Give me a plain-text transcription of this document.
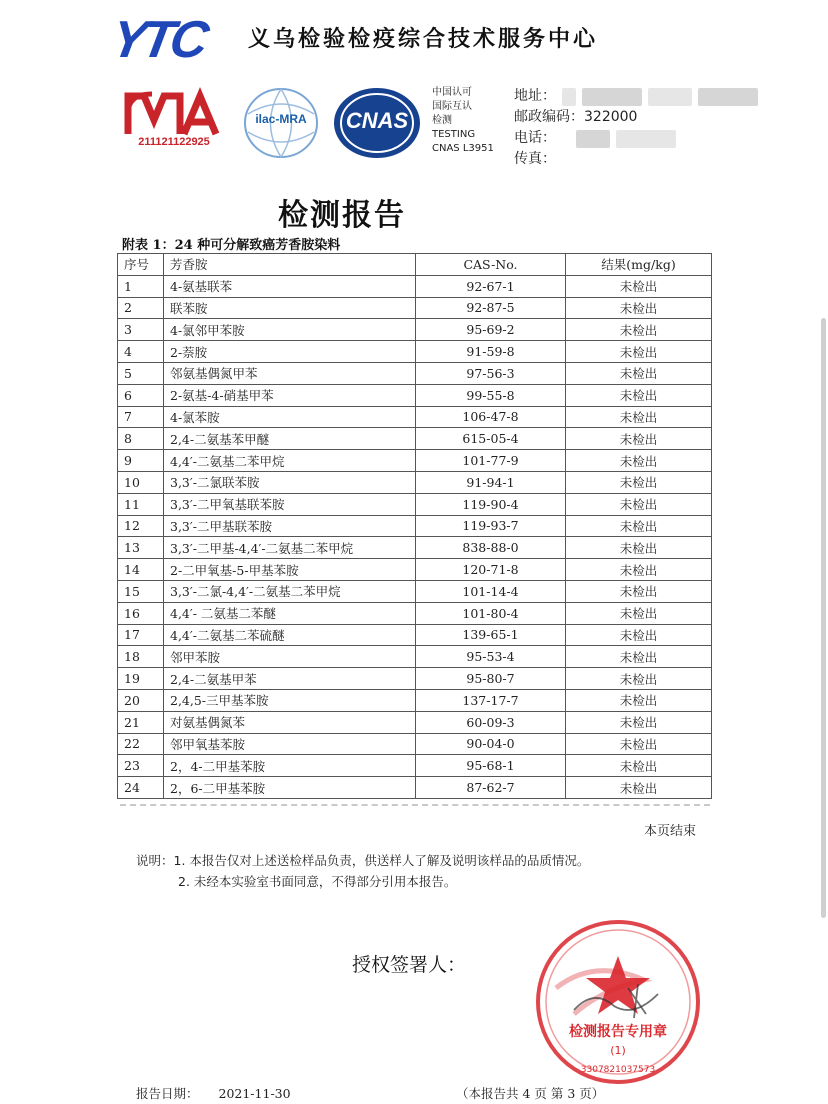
YTC 义乌检验检疫综合技术服务中心
211121122925
ilac-MRA	CNAS
中国认可
国际互认
检测
TESTING
CNAS L3951
地址：
邮政编码： 322000
电话：
传真：
检测报告
附表 1：24 种可分解致癌芳香胺染料
序号	芳香胺	CAS-No.	结果(mg/kg)
1	4-氨基联苯	92-67-1	未检出
2	联苯胺	92-87-5	未检出
3	4-氯邻甲苯胺	95-69-2	未检出
4	2-萘胺	91-59-8	未检出
5	邻氨基偶氮甲苯	97-56-3	未检出
6	2-氨基-4-硝基甲苯	99-55-8	未检出
7	4-氯苯胺	106-47-8	未检出
8	2,4-二氨基苯甲醚	615-05-4	未检出
9	4,4′-二氨基二苯甲烷	101-77-9	未检出
10	3,3′-二氯联苯胺	91-94-1	未检出
11	3,3′-二甲氧基联苯胺	119-90-4	未检出
12	3,3′-二甲基联苯胺	119-93-7	未检出
13	3,3′-二甲基-4,4′-二氨基二苯甲烷	838-88-0	未检出
14	2-二甲氧基-5-甲基苯胺	120-71-8	未检出
15	3,3′-二氯-4,4′-二氨基二苯甲烷	101-14-4	未检出
16	4,4′- 二氨基二苯醚	101-80-4	未检出
17	4,4′-二氨基二苯硫醚	139-65-1	未检出
18	邻甲苯胺	95-53-4	未检出
19	2,4-二氨基甲苯	95-80-7	未检出
20	2,4,5-三甲基苯胺	137-17-7	未检出
21	对氨基偶氮苯	60-09-3	未检出
22	邻甲氧基苯胺	90-04-0	未检出
23	2，4-二甲基苯胺	95-68-1	未检出
24	2，6-二甲基苯胺	87-62-7	未检出
本页结束
说明：1. 本报告仅对上述送检样品负责，供送样人了解及说明该样品的品质情况。
2. 未经本实验室书面同意，不得部分引用本报告。
授权签署人：
检测报告专用章
(1)
3307821037573
报告日期： 2021-11-30	（本报告共 4 页 第 3 页）
